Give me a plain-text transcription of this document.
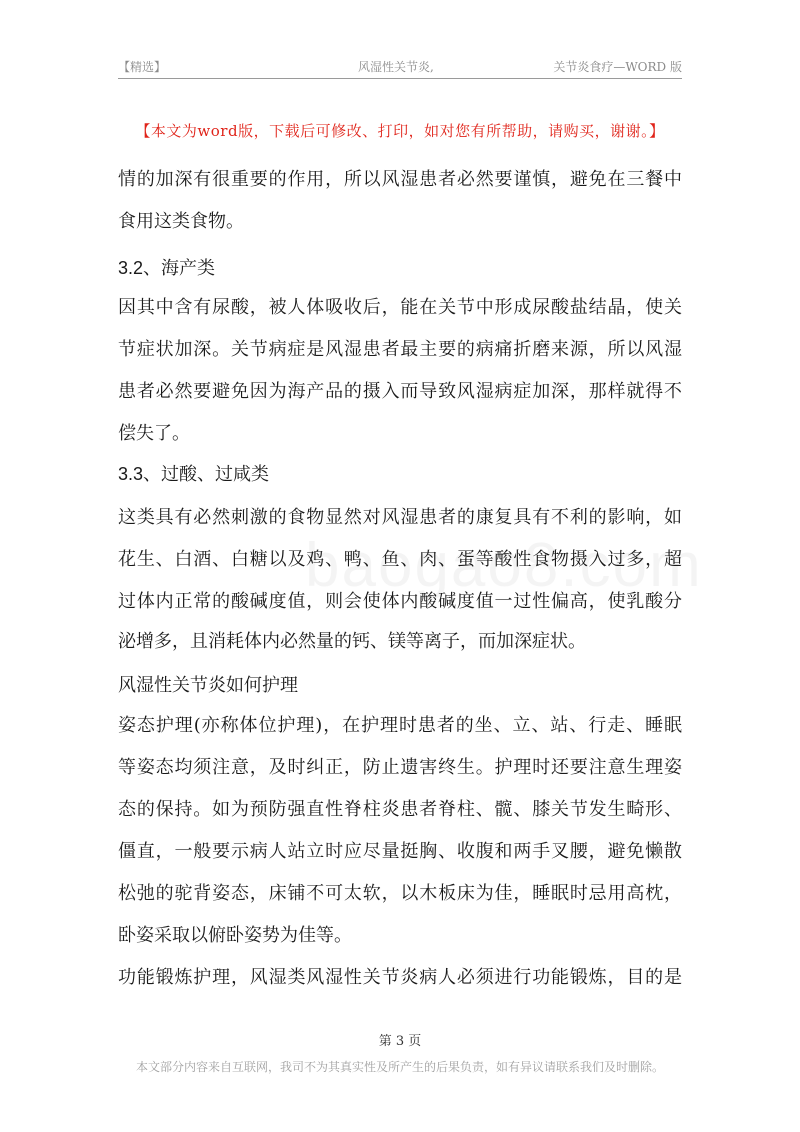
【精选】	风湿性关节炎,	关节炎食疗—WORD 版
【本文为word版，下载后可修改、打印，如对您有所帮助，请购买，谢谢。】
情的加深有很重要的作用，所以风湿患者必然要谨慎，避免在三餐中
食用这类食物。
3.2、海产类
因其中含有尿酸，被人体吸收后，能在关节中形成尿酸盐结晶，使关
节症状加深。关节病症是风湿患者最主要的病痛折磨来源，所以风湿
患者必然要避免因为海产品的摄入而导致风湿病症加深，那样就得不
偿失了。
3.3、过酸、过咸类
这类具有必然刺激的食物显然对风湿患者的康复具有不利的影响，如
花生、白酒、白糖以及鸡、鸭、鱼、肉、蛋等酸性食物摄入过多，超
过体内正常的酸碱度值，则会使体内酸碱度值一过性偏高，使乳酸分
泌增多，且消耗体内必然量的钙、镁等离子，而加深症状。
风湿性关节炎如何护理
姿态护理(亦称体位护理)，在护理时患者的坐、立、站、行走、睡眠
等姿态均须注意，及时纠正，防止遗害终生。护理时还要注意生理姿
态的保持。如为预防强直性脊柱炎患者脊柱、髋、膝关节发生畸形、
僵直，一般要示病人站立时应尽量挺胸、收腹和两手叉腰，避免懒散
松弛的驼背姿态，床铺不可太软，以木板床为佳，睡眠时忌用高枕，
卧姿采取以俯卧姿势为佳等。
功能锻炼护理，风湿类风湿性关节炎病人必须进行功能锻炼，目的是
第 3 页
本文部分内容来自互联网，我司不为其真实性及所产生的后果负责，如有异议请联系我们及时删除。
